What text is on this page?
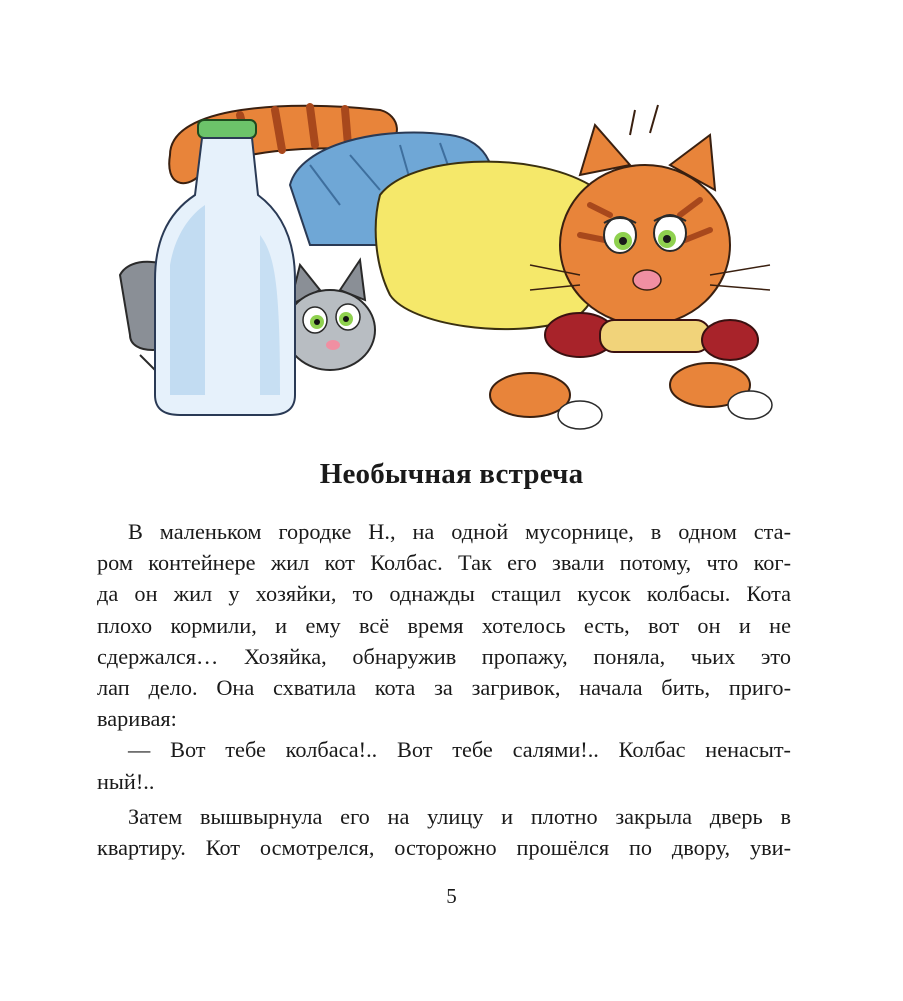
Необычная встреча
В маленьком городке Н., на одной мусорнице, в одном ста-
ром контейнере жил кот Колбас. Так его звали потому, что ког-
да он жил у хозяйки, то однажды стащил кусок колбасы. Кота
плохо кормили, и ему всё время хотелось есть, вот он и не
сдержался… Хозяйка, обнаружив пропажу, поняла, чьих это
лап дело. Она схватила кота за загривок, начала бить, приго-
варивая:
— Вот тебе колбаса!.. Вот тебе салями!.. Колбас ненасыт-
ный!..
Затем вышвырнула его на улицу и плотно закрыла дверь в
квартиру. Кот осмотрелся, осторожно прошёлся по двору, уви-
5
